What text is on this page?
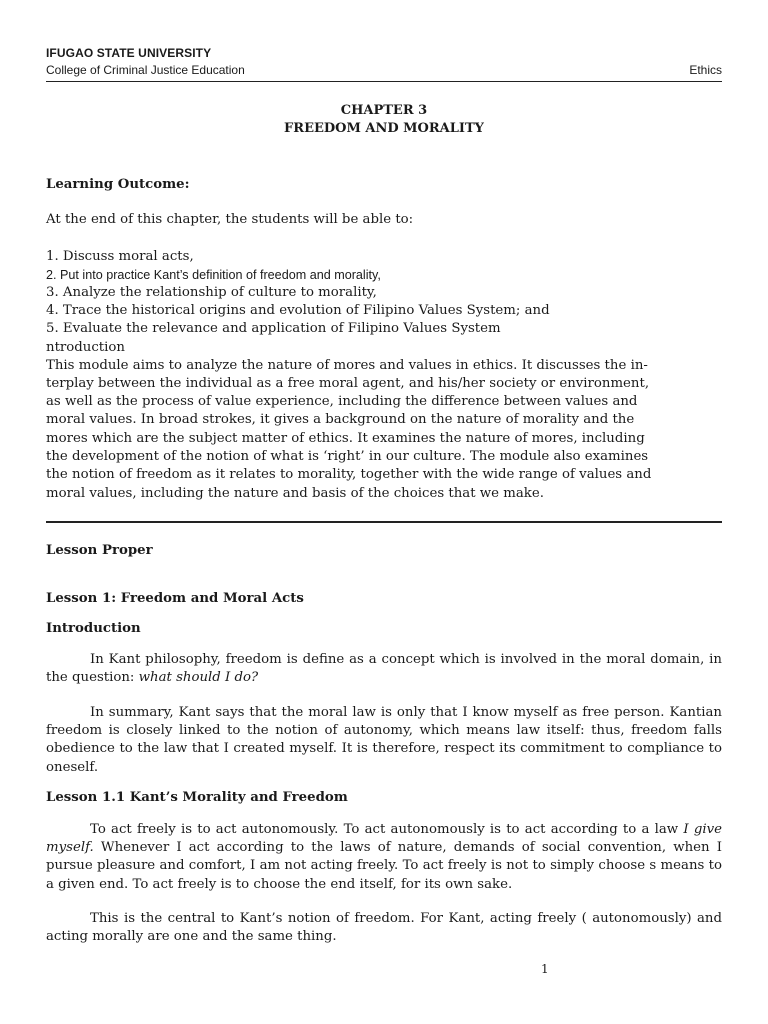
IFUGAO STATE UNIVERSITY
College of Criminal Justice Education	Ethics
CHAPTER 3
FREEDOM AND MORALITY
Learning Outcome:
At the end of this chapter, the students will be able to:
1. Discuss moral acts,
2. Put into practice Kant’s definition of freedom and morality,
3. Analyze the relationship of culture to morality,
4. Trace the historical origins and evolution of Filipino Values System; and
5. Evaluate the relevance and application of Filipino Values System
ntroduction
This module aims to analyze the nature of mores and values in ethics. It discusses the in-
terplay between the individual as a free moral agent, and his/her society or environment,
as well as the process of value experience, including the difference between values and
moral values. In broad strokes, it gives a background on the nature of morality and the
mores which are the subject matter of ethics. It examines the nature of mores, including
the development of the notion of what is ‘right’ in our culture. The module also examines
the notion of freedom as it relates to morality, together with the wide range of values and
moral values, including the nature and basis of the choices that we make.
Lesson Proper
Lesson 1: Freedom and Moral Acts
Introduction
In Kant philosophy, freedom is define as a concept which is involved in the moral domain, in the question: what should I do?
In summary, Kant says that the moral law is only that I know myself as free person. Kantian freedom is closely linked to the notion of autonomy, which means law itself: thus, freedom falls obedience to the law that I created myself. It is therefore, respect its commitment to compliance to oneself.
Lesson 1.1 Kant’s Morality and Freedom
To act freely is to act autonomously. To act autonomously is to act according to a law I give myself. Whenever I act according to the laws of nature, demands of social convention, when I pursue pleasure and comfort, I am not acting freely. To act freely is not to simply choose s means to a given end. To act freely is to choose the end itself, for its own sake.
This is the central to Kant’s notion of freedom. For Kant, acting freely ( autonomously) and acting morally are one and the same thing.
1
